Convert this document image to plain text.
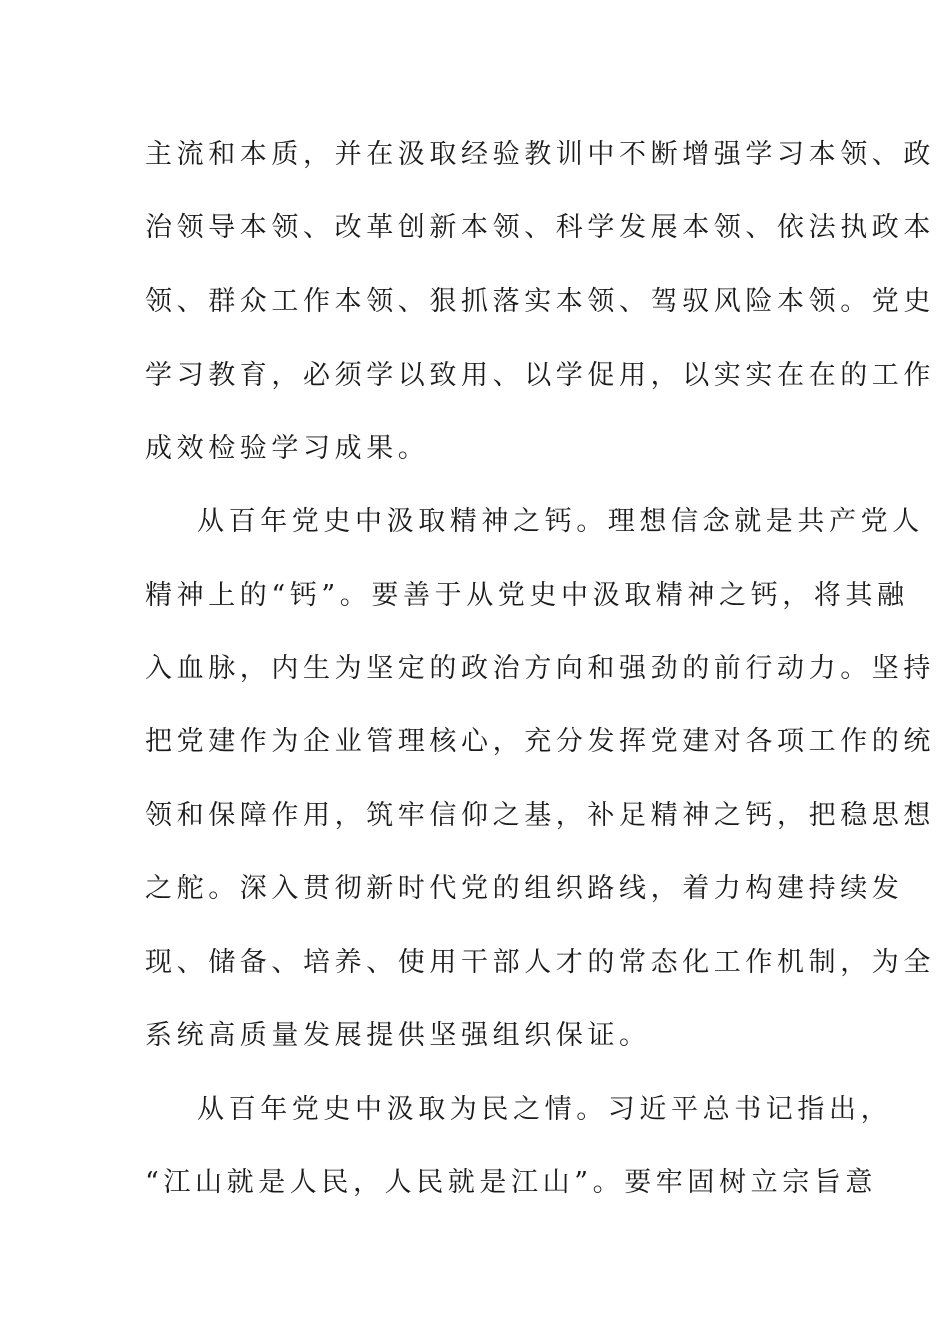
主流和本质，并在汲取经验教训中不断增强学习本领、政
治领导本领、改革创新本领、科学发展本领、依法执政本
领、群众工作本领、狠抓落实本领、驾驭风险本领。党史
学习教育，必须学以致用、以学促用，以实实在在的工作
成效检验学习成果。
从百年党史中汲取精神之钙。理想信念就是共产党人
精神上的“钙”。要善于从党史中汲取精神之钙，将其融
入血脉，内生为坚定的政治方向和强劲的前行动力。坚持
把党建作为企业管理核心，充分发挥党建对各项工作的统
领和保障作用，筑牢信仰之基，补足精神之钙，把稳思想
之舵。深入贯彻新时代党的组织路线，着力构建持续发
现、储备、培养、使用干部人才的常态化工作机制，为全
系统高质量发展提供坚强组织保证。
从百年党史中汲取为民之情。习近平总书记指出，
“江山就是人民，人民就是江山”。要牢固树立宗旨意
